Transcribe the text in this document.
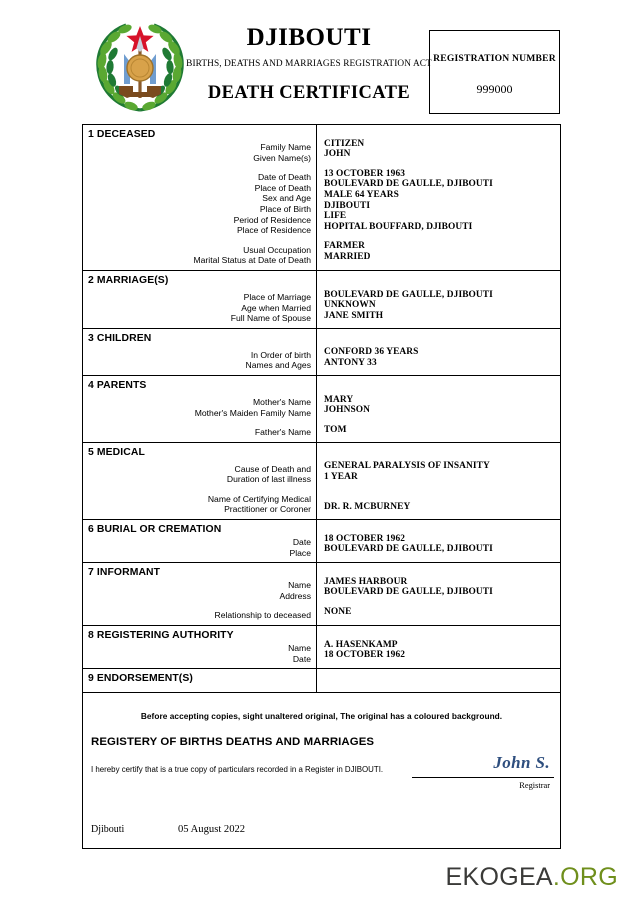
DJIBOUTI
BIRTHS, DEATHS AND MARRIAGES REGISTRATION ACT
DEATH CERTIFICATE
REGISTRATION NUMBER
999000
1 DECEASED
Family Name
Given Name(s)
Date of Death
Place of Death
Sex and Age
Place of Birth
Period of Residence
Place of Residence
Usual Occupation
Marital Status at Date of Death
CITIZEN
JOHN
13 OCTOBER 1963
BOULEVARD DE GAULLE, DJIBOUTI
MALE 64 YEARS
DJIBOUTI
LIFE
HOPITAL BOUFFARD, DJIBOUTI
FARMER
MARRIED
2 MARRIAGE(S)
Place of Marriage
Age when Married
Full Name of Spouse
BOULEVARD DE GAULLE, DJIBOUTI
UNKNOWN
JANE SMITH
3 CHILDREN
In Order of birth
Names and Ages
CONFORD 36 YEARS
ANTONY 33
4 PARENTS
Mother's Name
Mother's Maiden Family Name
Father's Name
MARY
JOHNSON
TOM
5 MEDICAL
Cause of Death and
Duration of last illness
Name of Certifying Medical
Practitioner or Coroner
GENERAL PARALYSIS OF INSANITY
1 YEAR

DR. R. MCBURNEY
6 BURIAL OR CREMATION
Date
Place
18 OCTOBER 1962
BOULEVARD DE GAULLE, DJIBOUTI
7 INFORMANT
Name
Address
Relationship to deceased
JAMES HARBOUR
BOULEVARD DE GAULLE, DJIBOUTI
NONE
8 REGISTERING AUTHORITY
Name
Date
A. HASENKAMP
18 OCTOBER 1962
9 ENDORSEMENT(S)

Before accepting copies, sight unaltered original, The original has a coloured background.
REGISTERY OF BIRTHS DEATHS AND MARRIAGES
I hereby certify that is a true copy of particulars recorded in a Register in DJIBOUTI.	John S.
Registrar
Djibouti	05 August 2022
EKOGEA.ORG
